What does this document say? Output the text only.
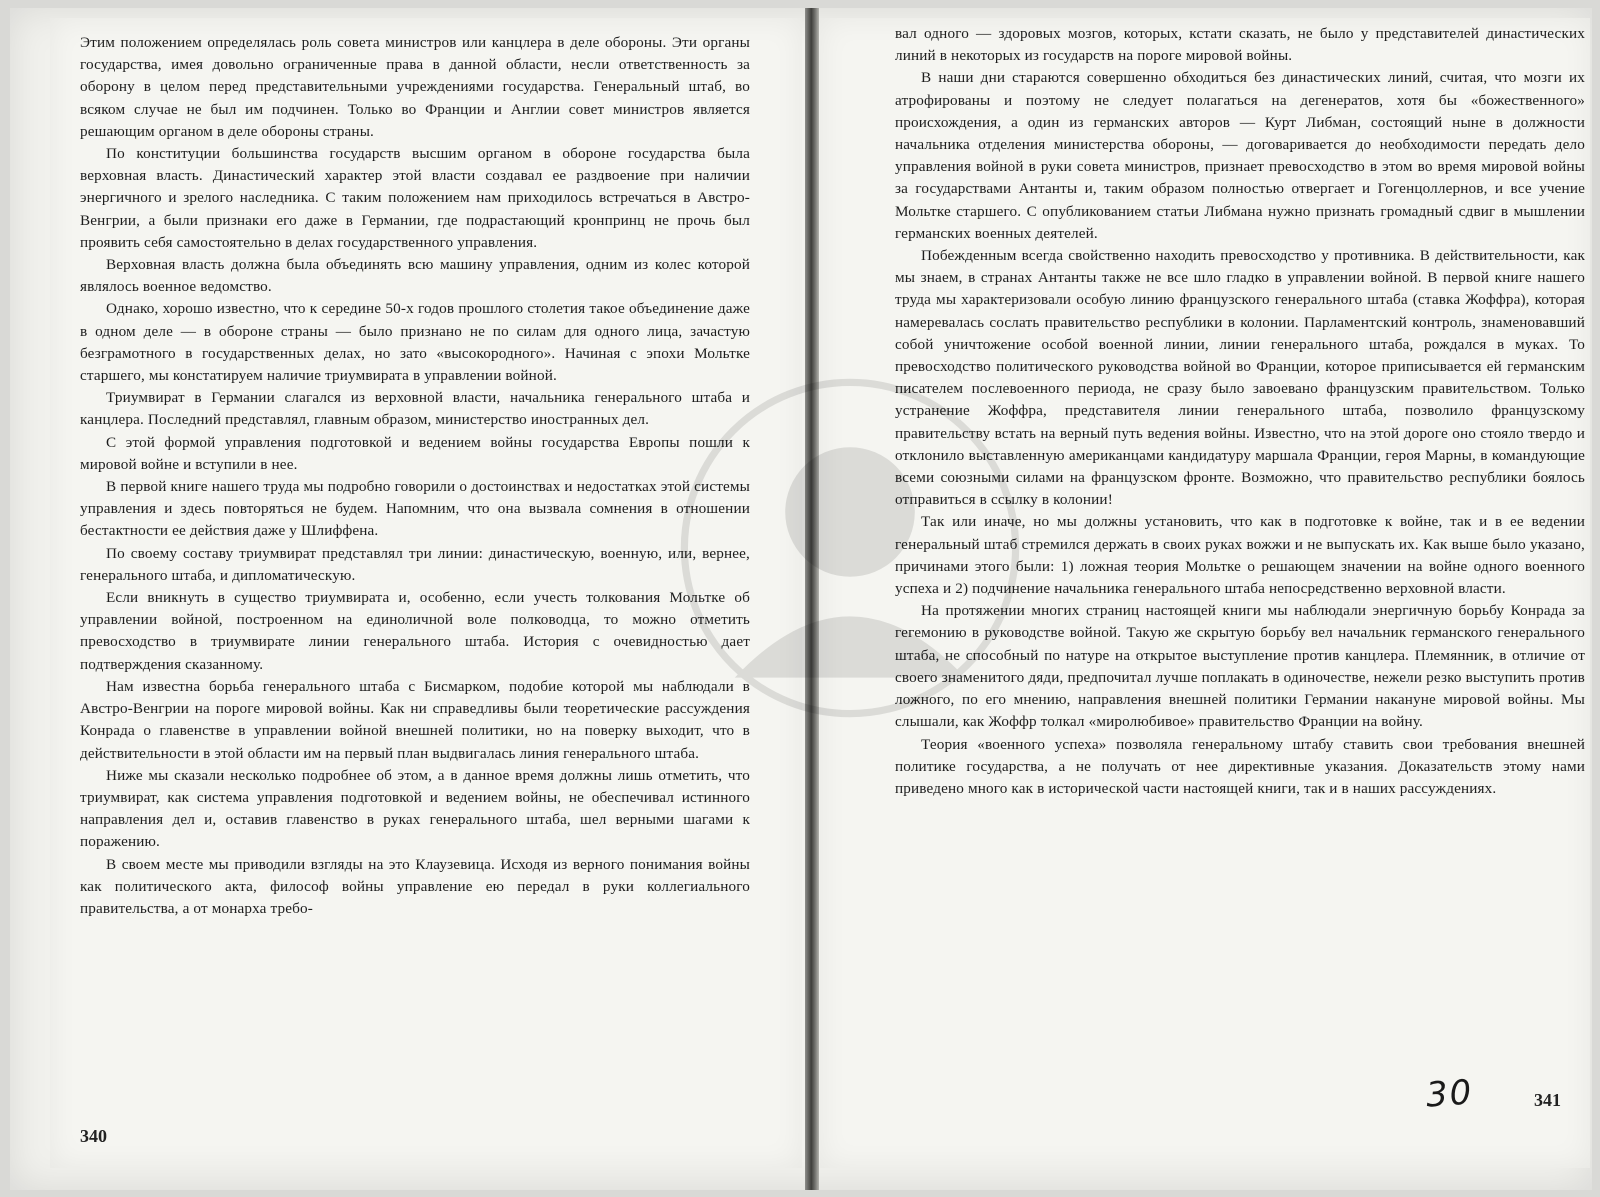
Этим положением определялась роль совета министров или канцлера в деле обороны. Эти органы государства, имея довольно ограниченные права в данной области, несли ответственность за оборону в целом перед представительными учреждениями государства. Генеральный штаб, во всяком случае не был им подчинен. Только во Франции и Англии совет министров является решающим органом в деле обороны страны.

По конституции большинства государств высшим органом в обороне государства была верховная власть. Династический характер этой власти создавал ее раздвоение при наличии энергичного и зрелого наследника. С таким положением нам приходилось встречаться в Австро-Венгрии, а были признаки его даже в Германии, где подрастающий кронпринц не прочь был проявить себя самостоятельно в делах государственного управления.

Верховная власть должна была объединять всю машину управления, одним из колес которой являлось военное ведомство.

Однако, хорошо известно, что к середине 50-х годов прошлого столетия такое объединение даже в одном деле — в обороне страны — было признано не по силам для одного лица, зачастую безграмотного в государственных делах, но зато «высокородного». Начиная с эпохи Мольтке старшего, мы констатируем наличие триумвирата в управлении войной.

Триумвират в Германии слагался из верховной власти, начальника генерального штаба и канцлера. Последний представлял, главным образом, министерство иностранных дел.

С этой формой управления подготовкой и ведением войны государства Европы пошли к мировой войне и вступили в нее.

В первой книге нашего труда мы подробно говорили о достоинствах и недостатках этой системы управления и здесь повторяться не будем. Напомним, что она вызвала сомнения в отношении бестактности ее действия даже у Шлиффена.

По своему составу триумвират представлял три линии: династическую, военную, или, вернее, генерального штаба, и дипломатическую.

Если вникнуть в существо триумвирата и, особенно, если учесть толкования Мольтке об управлении войной, построенном на единоличной воле полководца, то можно отметить превосходство в триумвирате линии генерального штаба. История с очевидностью дает подтверждения сказанному.

Нам известна борьба генерального штаба с Бисмарком, подобие которой мы наблюдали в Австро-Венгрии на пороге мировой войны. Как ни справедливы были теоретические рассуждения Конрада о главенстве в управлении войной внешней политики, но на поверку выходит, что в действительности в этой области им на первый план выдвигалась линия генерального штаба.

Ниже мы сказали несколько подробнее об этом, а в данное время должны лишь отметить, что триумвират, как система управления подготовкой и ведением войны, не обеспечивал истинного направления дел и, оставив главенство в руках генерального штаба, шел верными шагами к поражению.

В своем месте мы приводили взгляды на это Клаузевица. Исходя из верного понимания войны как политического акта, философ войны управление ею передал в руки коллегиального правительства, а от монарха требо-

340

вал одного — здоровых мозгов, которых, кстати сказать, не было у представителей династических линий в некоторых из государств на пороге мировой войны.

В наши дни стараются совершенно обходиться без династических линий, считая, что мозги их атрофированы и поэтому не следует полагаться на дегенератов, хотя бы «божественного» происхождения, а один из германских авторов — Курт Либман, состоящий ныне в должности начальника отделения министерства обороны, — договаривается до необходимости передать дело управления войной в руки совета министров, признает превосходство в этом во время мировой войны за государствами Антанты и, таким образом полностью отвергает и Гогенцоллернов, и все учение Мольтке старшего. С опубликованием статьи Либмана нужно признать громадный сдвиг в мышлении германских военных деятелей.

Побежденным всегда свойственно находить превосходство у противника. В действительности, как мы знаем, в странах Антанты также не все шло гладко в управлении войной. В первой книге нашего труда мы характеризовали особую линию французского генерального штаба (ставка Жоффра), которая намеревалась сослать правительство республики в колонии. Парламентский контроль, знаменовавший собой уничтожение особой военной линии, линии генерального штаба, рождался в муках. То превосходство политического руководства войной во Франции, которое приписывается ей германским писателем послевоенного периода, не сразу было завоевано французским правительством. Только устранение Жоффра, представителя линии генерального штаба, позволило французскому правительству встать на верный путь ведения войны. Известно, что на этой дороге оно стояло твердо и отклонило выставленную американцами кандидатуру маршала Франции, героя Марны, в командующие всеми союзными силами на французском фронте. Возможно, что правительство республики боялось отправиться в ссылку в колонии!

Так или иначе, но мы должны установить, что как в подготовке к войне, так и в ее ведении генеральный штаб стремился держать в своих руках вожжи и не выпускать их. Как выше было указано, причинами этого были: 1) ложная теория Мольтке о решающем значении на войне одного военного успеха и 2) подчинение начальника генерального штаба непосредственно верховной власти.

На протяжении многих страниц настоящей книги мы наблюдали энергичную борьбу Конрада за гегемонию в руководстве войной. Такую же скрытую борьбу вел начальник германского генерального штаба, не способный по натуре на открытое выступление против канцлера. Племянник, в отличие от своего знаменитого дяди, предпочитал лучше поплакать в одиночестве, нежели резко выступить против ложного, по его мнению, направления внешней политики Германии накануне мировой войны. Мы слышали, как Жоффр толкал «миролюбивое» правительство Франции на войну.

Теория «военного успеха» позволяла генеральному штабу ставить свои требования внешней политике государства, а не получать от нее директивные указания. Доказательств этому нами приведено много как в исторической части настоящей книги, так и в наших рассуждениях.

30	341
